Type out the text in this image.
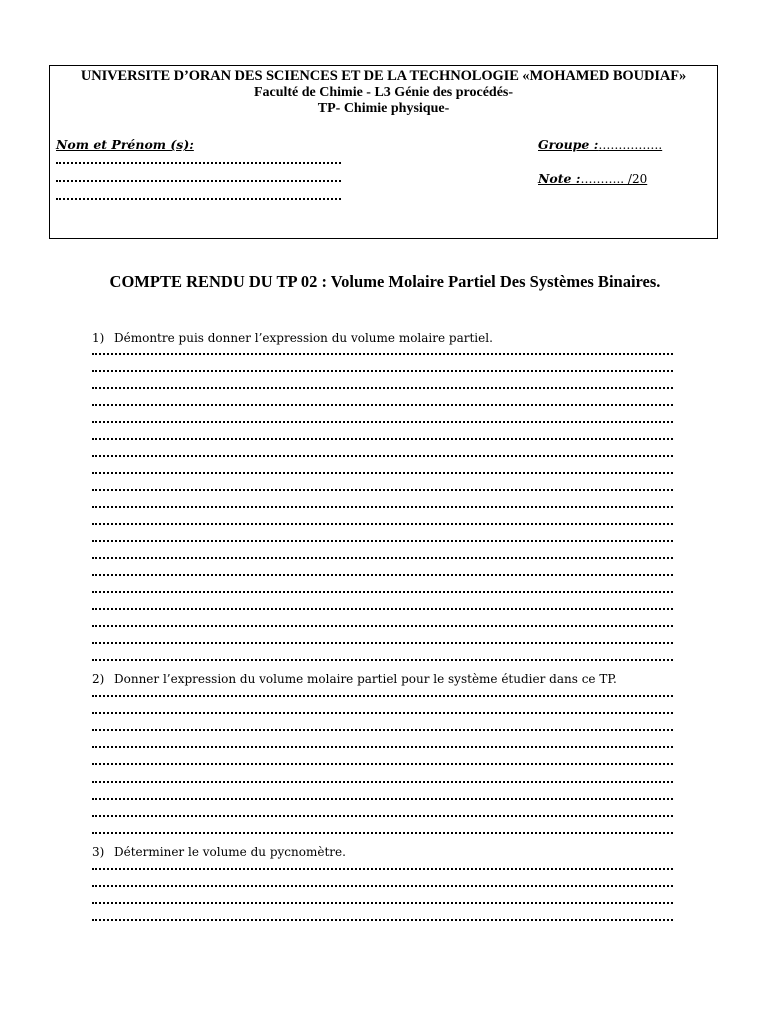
UNIVERSITE D’ORAN DES SCIENCES ET DE LA TECHNOLOGIE «MOHAMED BOUDIAF»
Faculté de Chimie - L3 Génie des procédés-
TP- Chimie physique-
Nom et Prénom (s):	Groupe :…………….
Note :……….. /20
COMPTE RENDU DU TP 02 : Volume Molaire Partiel Des Systèmes Binaires.
1) Démontre puis donner l’expression du volume molaire partiel.
2) Donner l’expression du volume molaire partiel pour le système étudier dans ce TP.
3) Déterminer le volume du pycnomètre.
